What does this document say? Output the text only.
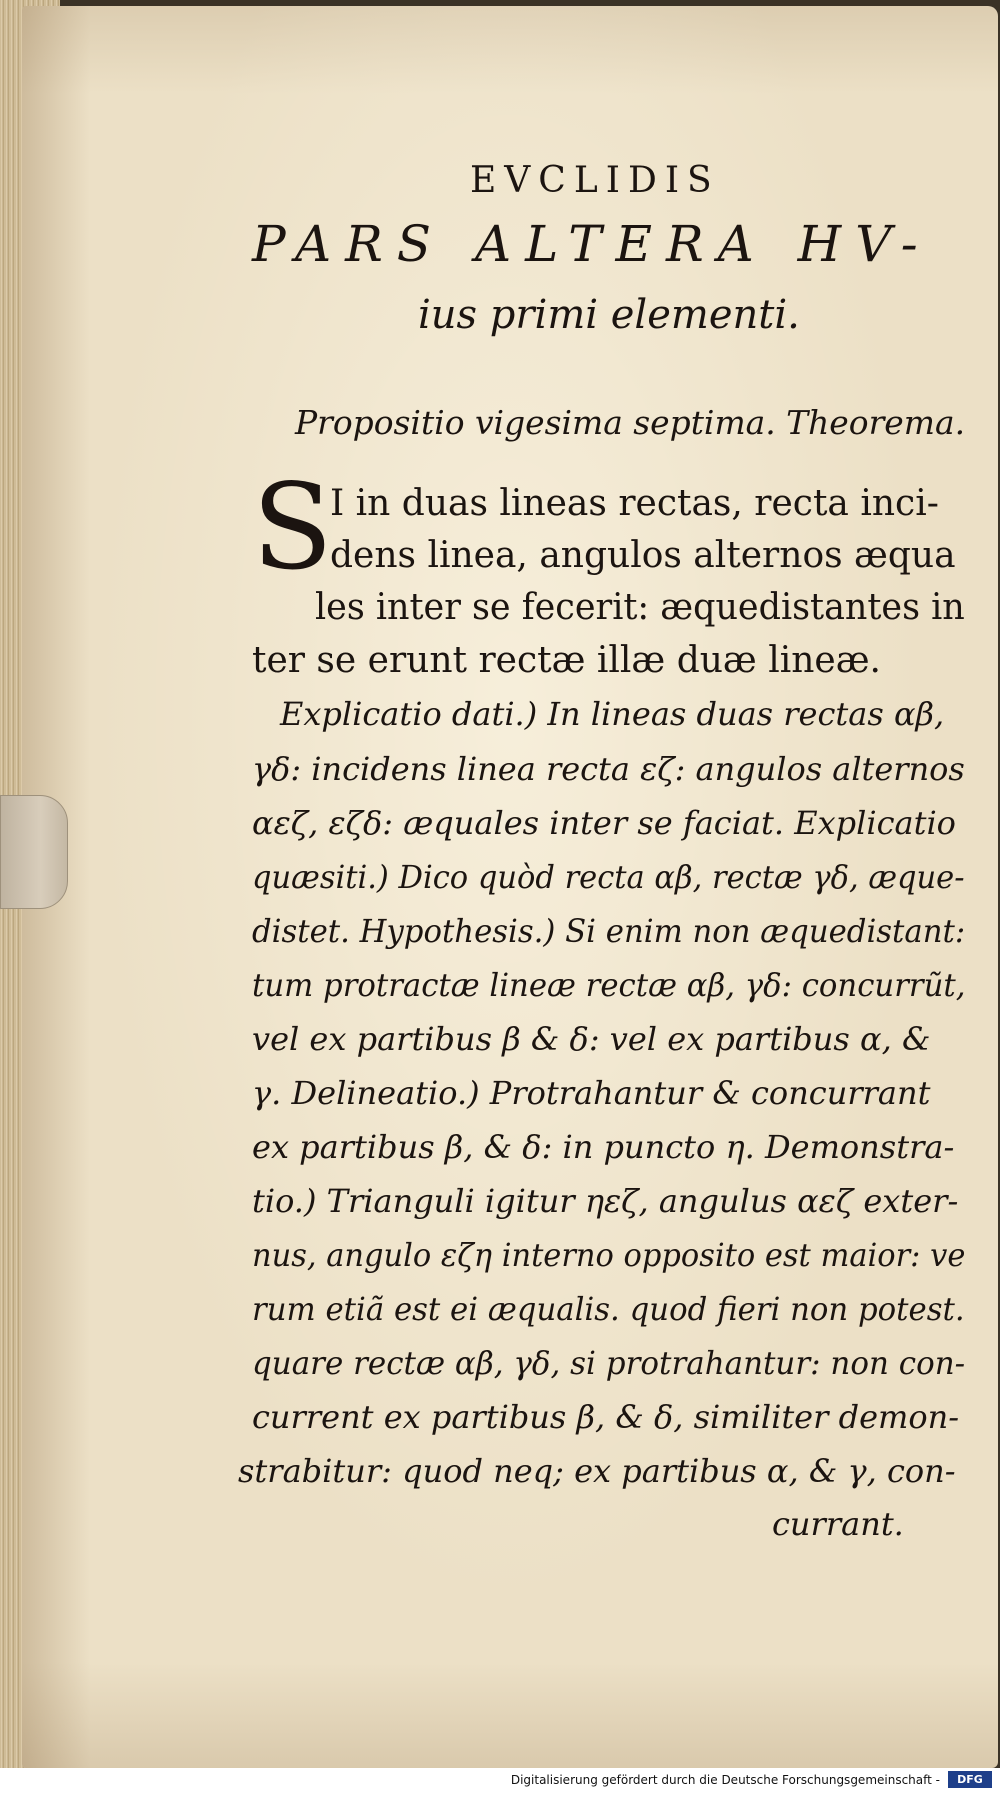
EVCLIDIS
PARS ALTERA HV-
ius primi elementi.
Propositio vigesima septima. Theorema.
S
I in duas lineas rectas, recta inci-
dens linea, angulos alternos æqua
les inter se fecerit: æquedistantes in
ter se erunt rectæ illæ duæ lineæ.
Explicatio dati.) In lineas duas rectas αβ,
γδ: incidens linea recta εζ: angulos alternos
αεζ, εζδ: æquales inter se faciat. Explicatio
quæsiti.) Dico quòd recta αβ, rectæ γδ, æque-
distet. Hypothesis.) Si enim non æquedistant:
tum protractæ lineæ rectæ αβ, γδ: concurrũt,
vel ex partibus β & δ: vel ex partibus α, &
γ. Delineatio.) Protrahantur & concurrant
ex partibus β, & δ: in puncto η. Demonstra-
tio.) Trianguli igitur ηεζ, angulus αεζ exter-
nus, angulo εζη interno opposito est maior: ve
rum etiã est ei æqualis. quod fieri non potest.
quare rectæ αβ, γδ, si protrahantur: non con-
current ex partibus β, & δ, similiter demon-
strabitur: quod neq; ex partibus α, & γ, con-
currant.
Digitalisierung gefördert durch die Deutsche Forschungsgemeinschaft -	DFG
